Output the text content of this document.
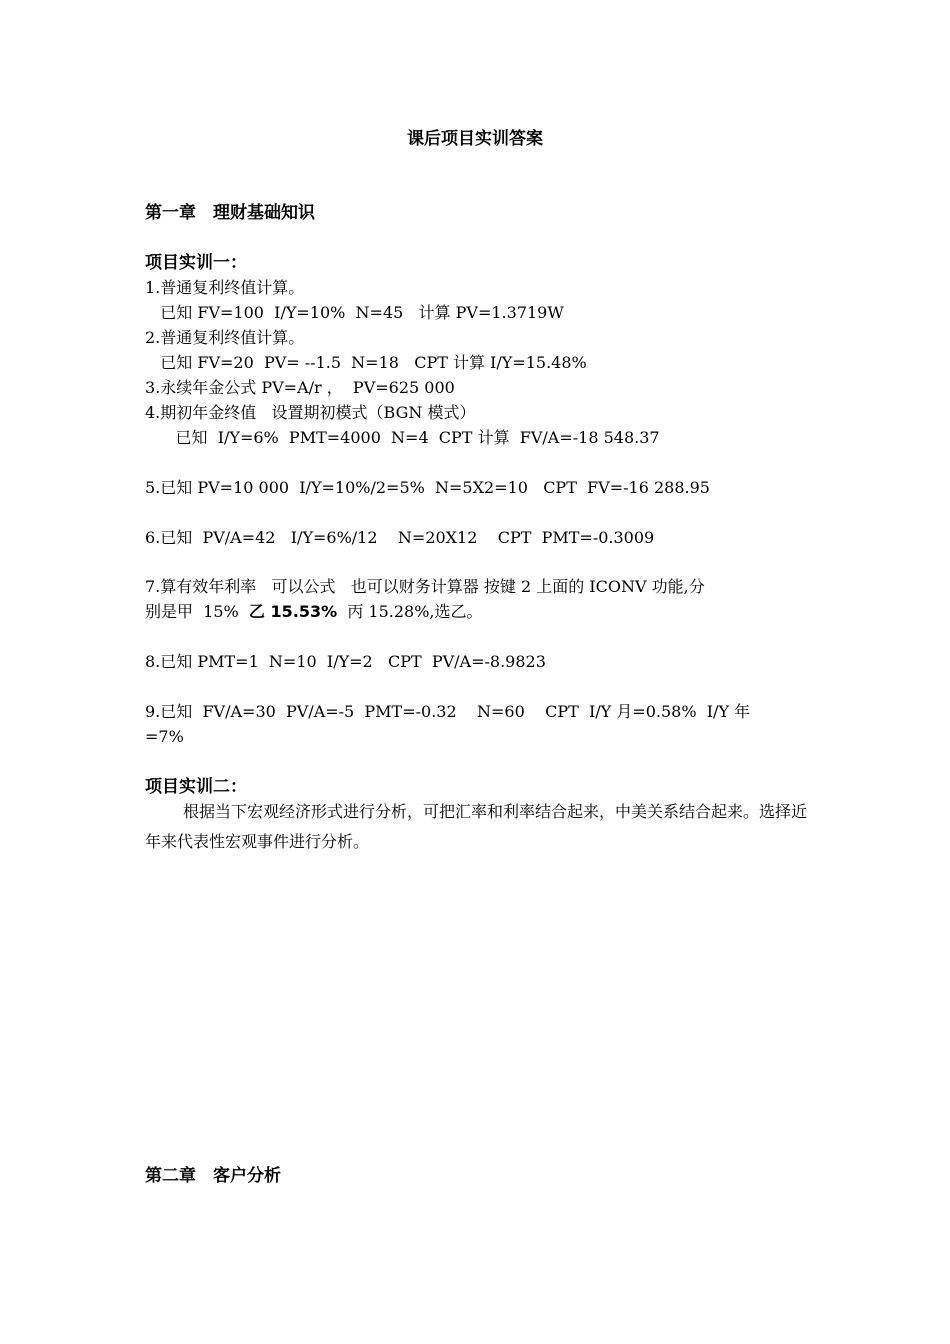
课后项目实训答案
第一章　理财基础知识
项目实训一：
1.普通复利终值计算。
已知 FV=100  I/Y=10%  N=45   计算 PV=1.3719W
2.普通复利终值计算。
已知 FV=20  PV= --1.5  N=18   CPT 计算 I/Y=15.48%
3.永续年金公式 PV=A/r ，  PV=625 000
4.期初年金终值   设置期初模式（BGN 模式）
已知  I/Y=6%  PMT=4000  N=4  CPT 计算  FV/A=-18 548.37
5.已知 PV=10 000  I/Y=10%/2=5%  N=5X2=10   CPT  FV=-16 288.95
6.已知  PV/A=42   I/Y=6%/12    N=20X12    CPT  PMT=-0.3009
7.算有效年利率   可以公式   也可以财务计算器 按键 2 上面的 ICONV 功能,分
别是甲  15%  乙 15.53%  丙 15.28%,选乙。
8.已知 PMT=1  N=10  I/Y=2   CPT  PV/A=-8.9823
9.已知  FV/A=30  PV/A=-5  PMT=-0.32    N=60    CPT  I/Y 月=0.58%  I/Y 年
=7%
项目实训二：
根据当下宏观经济形式进行分析，可把汇率和利率结合起来，中美关系结合起来。选择近年来代表性宏观事件进行分析。
第二章　客户分析
